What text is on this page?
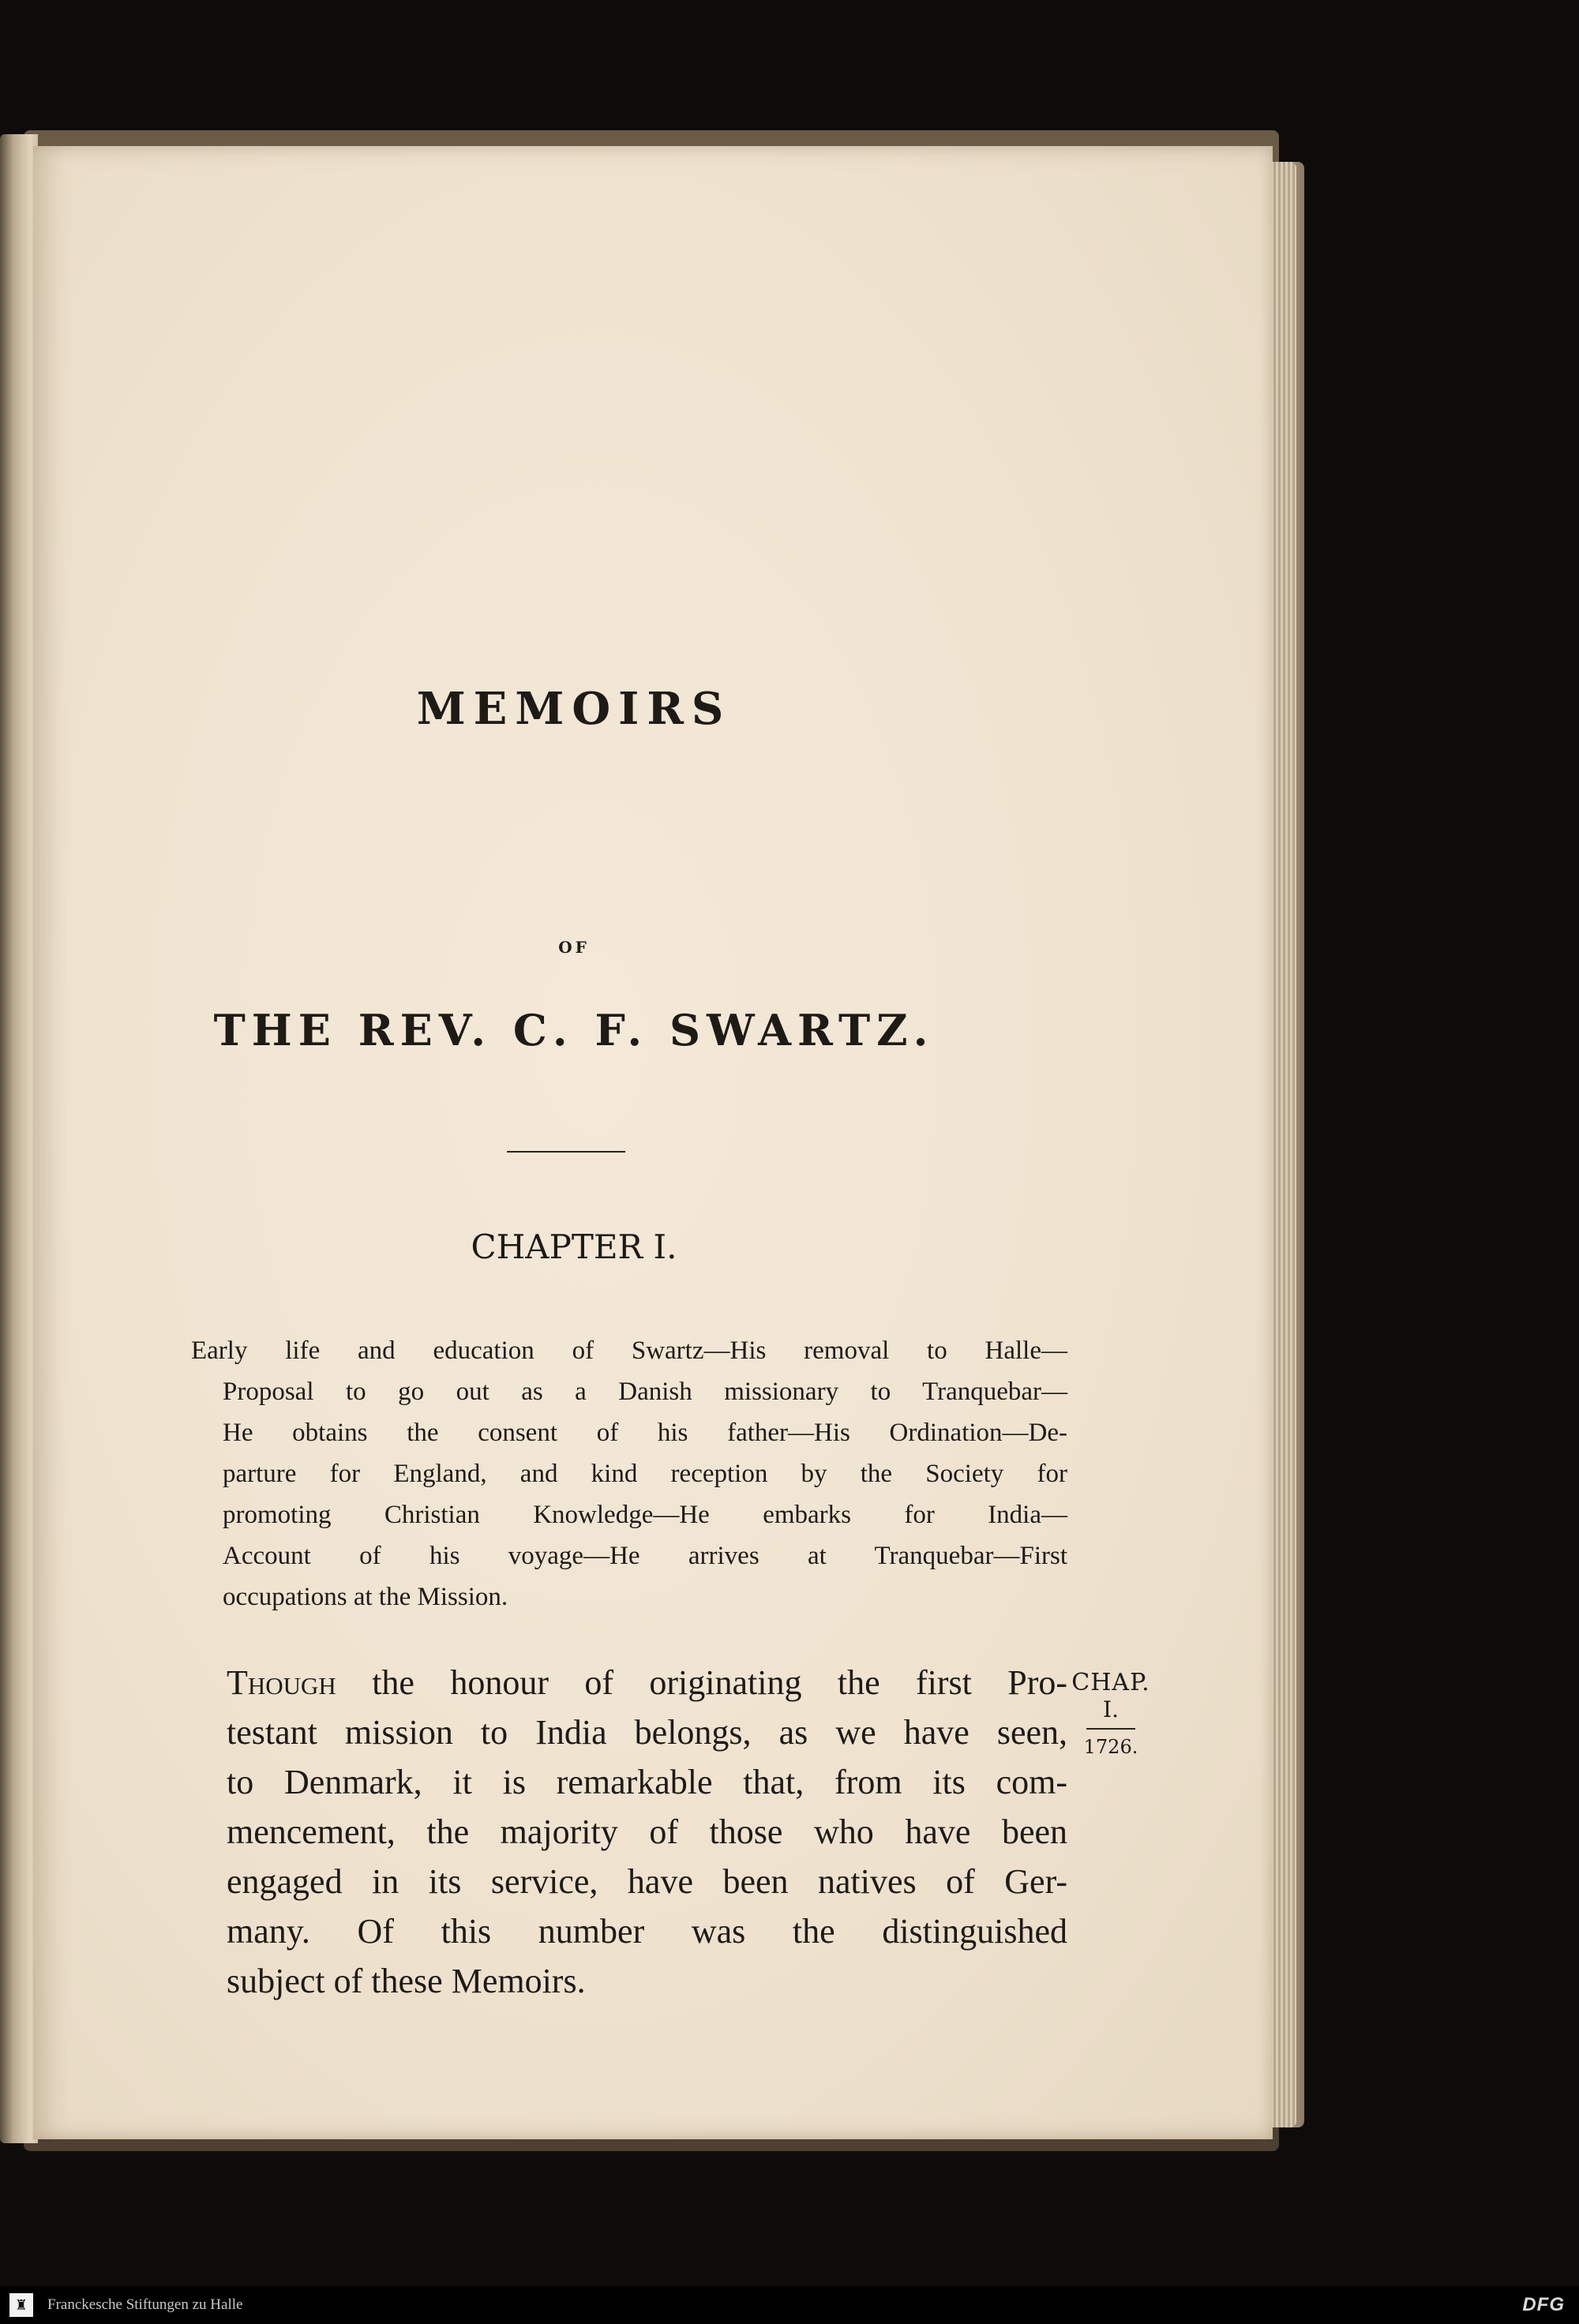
MEMOIRS
OF
THE REV. C. F. SWARTZ.
CHAPTER I.
Early life and education of Swartz—His removal to Halle—
Proposal to go out as a Danish missionary to Tranquebar—
He obtains the consent of his father—His Ordination—De-
parture for England, and kind reception by the Society for
promoting Christian Knowledge—He embarks for India—
Account of his voyage—He arrives at Tranquebar—First
occupations at the Mission.
Though the honour of originating the first Pro-
testant mission to India belongs, as we have seen,
to Denmark, it is remarkable that, from its com-
mencement, the majority of those who have been
engaged in its service, have been natives of Ger-
many. Of this number was the distinguished
subject of these Memoirs.
CHAP.
I.
1726.
♜	Franckesche Stiftungen zu Halle	DFG
